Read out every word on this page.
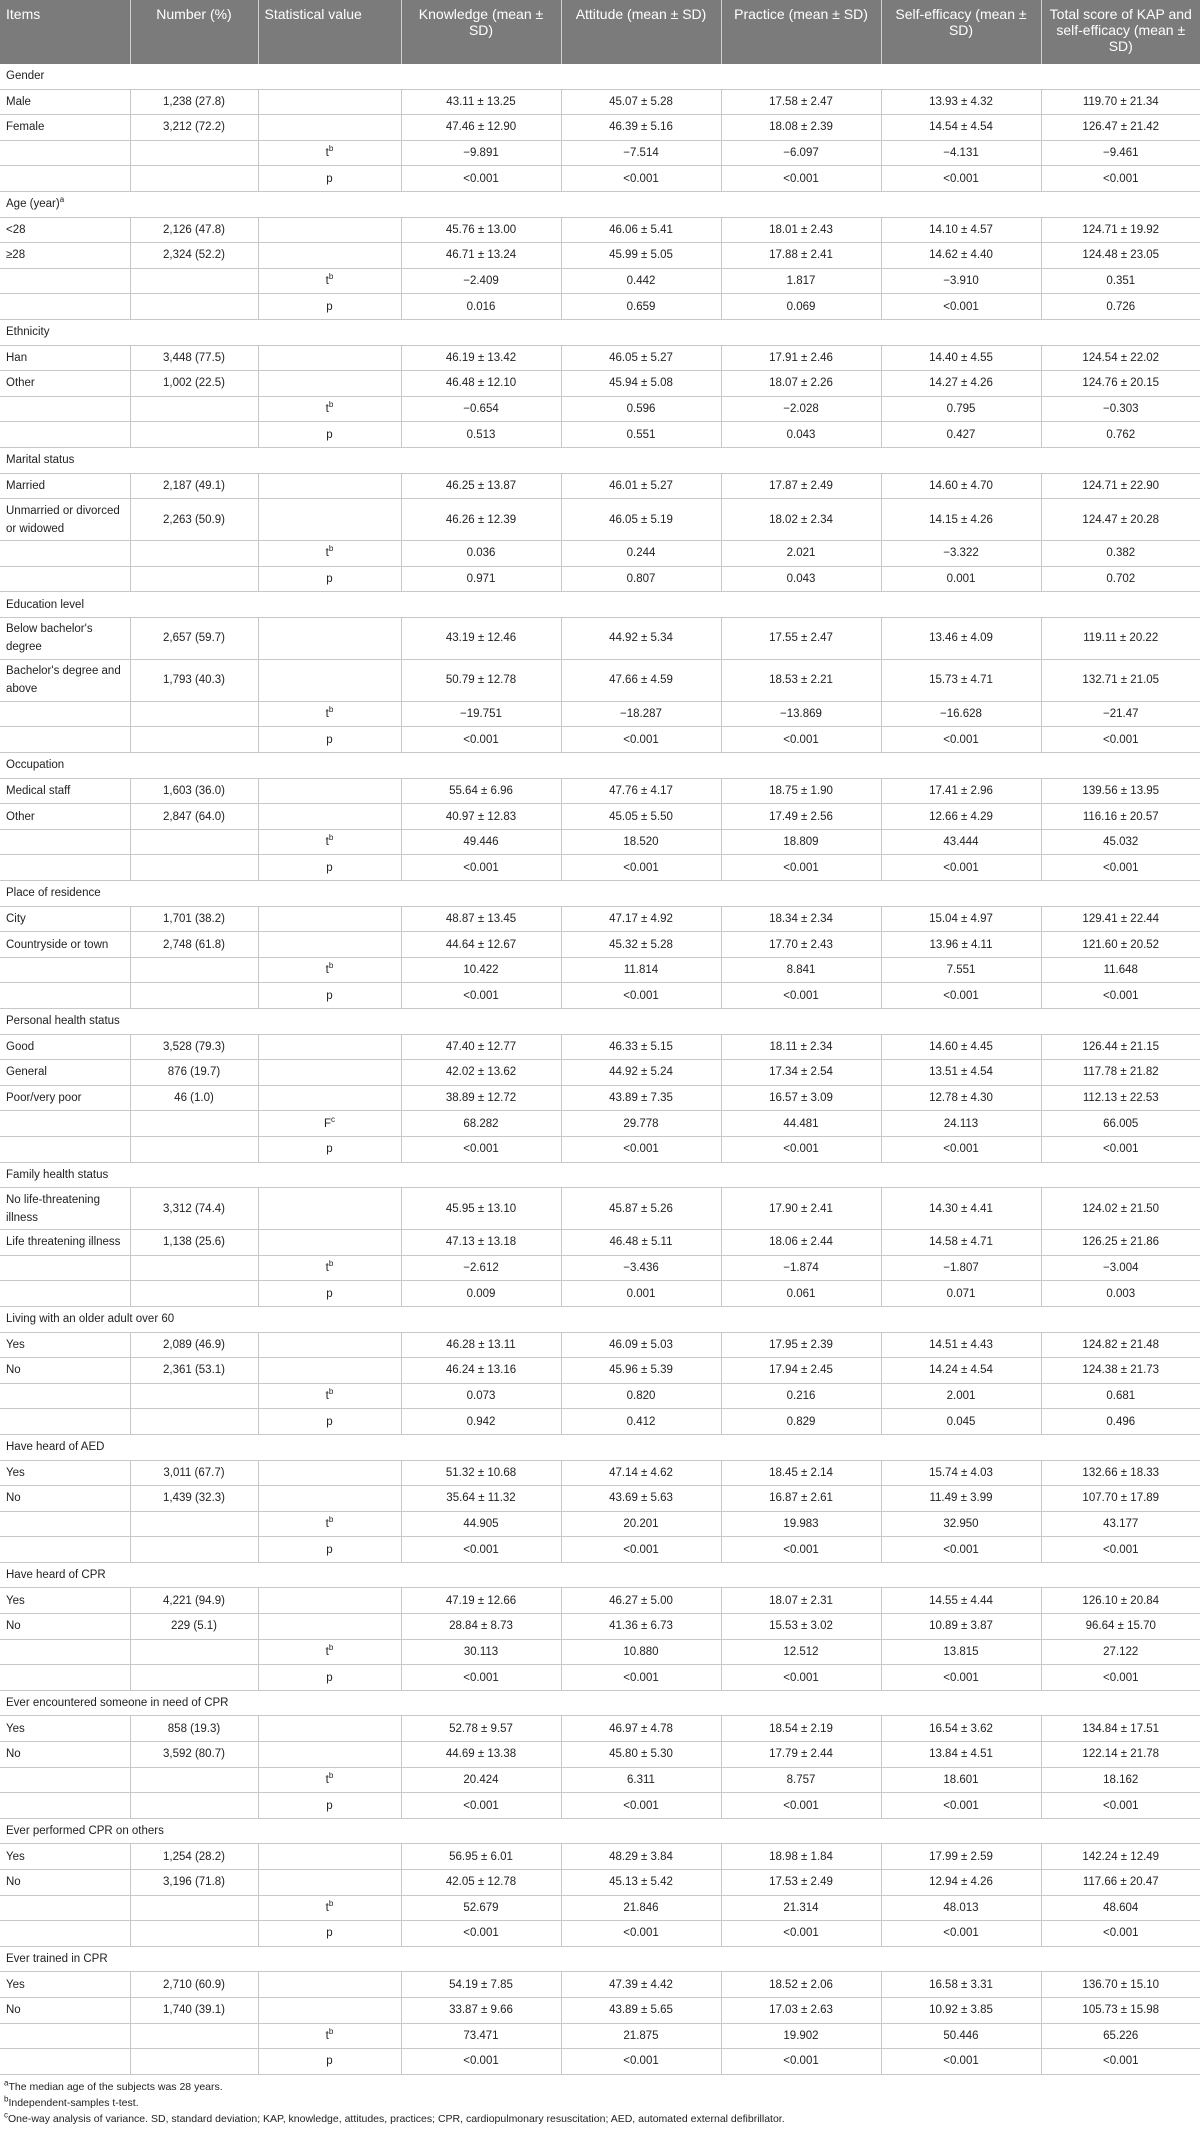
Items	Number (%)	Statistical value	Knowledge (mean ± SD)	Attitude (mean ± SD)	Practice (mean ± SD)	Self-efficacy (mean ± SD)	Total score of KAP and self-efficacy (mean ± SD)
Gender							
Male	1,238 (27.8)		43.11 ± 13.25	45.07 ± 5.28	17.58 ± 2.47	13.93 ± 4.32	119.70 ± 21.34
Female	3,212 (72.2)		47.46 ± 12.90	46.39 ± 5.16	18.08 ± 2.39	14.54 ± 4.54	126.47 ± 21.42
		$t^b$	−9.891	−7.514	−6.097	−4.131	−9.461
		p	<0.001	<0.001	<0.001	<0.001	<0.001
Age (year)$^a$
<28	2,126 (47.8)		45.76 ± 13.00	46.06 ± 5.41	18.01 ± 2.43	14.10 ± 4.57	124.71 ± 19.92
≥28	2,324 (52.2)		46.71 ± 13.24	45.99 ± 5.05	17.88 ± 2.41	14.62 ± 4.40	124.48 ± 23.05
		$t^b$	−2.409	0.442	1.817	−3.910	0.351
		p	0.016	0.659	0.069	<0.001	0.726
Ethnicity							
Han	3,448 (77.5)		46.19 ± 13.42	46.05 ± 5.27	17.91 ± 2.46	14.40 ± 4.55	124.54 ± 22.02
Other	1,002 (22.5)		46.48 ± 12.10	45.94 ± 5.08	18.07 ± 2.26	14.27 ± 4.26	124.76 ± 20.15
		$t^b$	−0.654	0.596	−2.028	0.795	−0.303
		p	0.513	0.551	0.043	0.427	0.762
Marital status							
Married	2,187 (49.1)		46.25 ± 13.87	46.01 ± 5.27	17.87 ± 2.49	14.60 ± 4.70	124.71 ± 22.90
Unmarried or divorced or widowed	2,263 (50.9)		46.26 ± 12.39	46.05 ± 5.19	18.02 ± 2.34	14.15 ± 4.26	124.47 ± 20.28
		$t^b$	0.036	0.244	2.021	−3.322	0.382
		p	0.971	0.807	0.043	0.001	0.702
Education level							
Below bachelor's degree	2,657 (59.7)		43.19 ± 12.46	44.92 ± 5.34	17.55 ± 2.47	13.46 ± 4.09	119.11 ± 20.22
Bachelor's degree and above	1,793 (40.3)		50.79 ± 12.78	47.66 ± 4.59	18.53 ± 2.21	15.73 ± 4.71	132.71 ± 21.05
		$t^b$	−19.751	−18.287	−13.869	−16.628	−21.47
		p	<0.001	<0.001	<0.001	<0.001	<0.001
Occupation							
Medical staff	1,603 (36.0)		55.64 ± 6.96	47.76 ± 4.17	18.75 ± 1.90	17.41 ± 2.96	139.56 ± 13.95
Other	2,847 (64.0)		40.97 ± 12.83	45.05 ± 5.50	17.49 ± 2.56	12.66 ± 4.29	116.16 ± 20.57
		$t^b$	49.446	18.520	18.809	43.444	45.032
		p	<0.001	<0.001	<0.001	<0.001	<0.001
Place of residence							
City	1,701 (38.2)		48.87 ± 13.45	47.17 ± 4.92	18.34 ± 2.34	15.04 ± 4.97	129.41 ± 22.44
Countryside or town	2,748 (61.8)		44.64 ± 12.67	45.32 ± 5.28	17.70 ± 2.43	13.96 ± 4.11	121.60 ± 20.52
		$t^b$	10.422	11.814	8.841	7.551	11.648
		p	<0.001	<0.001	<0.001	<0.001	<0.001
Personal health status							
Good	3,528 (79.3)		47.40 ± 12.77	46.33 ± 5.15	18.11 ± 2.34	14.60 ± 4.45	126.44 ± 21.15
General	876 (19.7)		42.02 ± 13.62	44.92 ± 5.24	17.34 ± 2.54	13.51 ± 4.54	117.78 ± 21.82
Poor/very poor	46 (1.0)		38.89 ± 12.72	43.89 ± 7.35	16.57 ± 3.09	12.78 ± 4.30	112.13 ± 22.53
		$F^c$	68.282	29.778	44.481	24.113	66.005
		p	<0.001	<0.001	<0.001	<0.001	<0.001
Family health status							
No life-threatening illness	3,312 (74.4)		45.95 ± 13.10	45.87 ± 5.26	17.90 ± 2.41	14.30 ± 4.41	124.02 ± 21.50
Life threatening illness	1,138 (25.6)		47.13 ± 13.18	46.48 ± 5.11	18.06 ± 2.44	14.58 ± 4.71	126.25 ± 21.86
		$t^b$	−2.612	−3.436	−1.874	−1.807	−3.004
		p	0.009	0.001	0.061	0.071	0.003
Living with an older adult over 60							
Yes	2,089 (46.9)		46.28 ± 13.11	46.09 ± 5.03	17.95 ± 2.39	14.51 ± 4.43	124.82 ± 21.48
No	2,361 (53.1)		46.24 ± 13.16	45.96 ± 5.39	17.94 ± 2.45	14.24 ± 4.54	124.38 ± 21.73
		$t^b$	0.073	0.820	0.216	2.001	0.681
		p	0.942	0.412	0.829	0.045	0.496
Have heard of AED							
Yes	3,011 (67.7)		51.32 ± 10.68	47.14 ± 4.62	18.45 ± 2.14	15.74 ± 4.03	132.66 ± 18.33
No	1,439 (32.3)		35.64 ± 11.32	43.69 ± 5.63	16.87 ± 2.61	11.49 ± 3.99	107.70 ± 17.89
		$t^b$	44.905	20.201	19.983	32.950	43.177
		p	<0.001	<0.001	<0.001	<0.001	<0.001
Have heard of CPR							
Yes	4,221 (94.9)		47.19 ± 12.66	46.27 ± 5.00	18.07 ± 2.31	14.55 ± 4.44	126.10 ± 20.84
No	229 (5.1)		28.84 ± 8.73	41.36 ± 6.73	15.53 ± 3.02	10.89 ± 3.87	96.64 ± 15.70
		$t^b$	30.113	10.880	12.512	13.815	27.122
		p	<0.001	<0.001	<0.001	<0.001	<0.001
Ever encountered someone in need of CPR							
Yes	858 (19.3)		52.78 ± 9.57	46.97 ± 4.78	18.54 ± 2.19	16.54 ± 3.62	134.84 ± 17.51
No	3,592 (80.7)		44.69 ± 13.38	45.80 ± 5.30	17.79 ± 2.44	13.84 ± 4.51	122.14 ± 21.78
		$t^b$	20.424	6.311	8.757	18.601	18.162
		p	<0.001	<0.001	<0.001	<0.001	<0.001
Ever performed CPR on others							
Yes	1,254 (28.2)		56.95 ± 6.01	48.29 ± 3.84	18.98 ± 1.84	17.99 ± 2.59	142.24 ± 12.49
No	3,196 (71.8)		42.05 ± 12.78	45.13 ± 5.42	17.53 ± 2.49	12.94 ± 4.26	117.66 ± 20.47
		$t^b$	52.679	21.846	21.314	48.013	48.604
		p	<0.001	<0.001	<0.001	<0.001	<0.001
Ever trained in CPR							
Yes	2,710 (60.9)		54.19 ± 7.85	47.39 ± 4.42	18.52 ± 2.06	16.58 ± 3.31	136.70 ± 15.10
No	1,740 (39.1)		33.87 ± 9.66	43.89 ± 5.65	17.03 ± 2.63	10.92 ± 3.85	105.73 ± 15.98
		$t^b$	73.471	21.875	19.902	50.446	65.226
		p	<0.001	<0.001	<0.001	<0.001	<0.001

$^a$The median age of the subjects was 28 years.

$^b$Independent-samples t-test.

$^c$One-way analysis of variance. SD, standard deviation; KAP, knowledge, attitudes, practices; CPR, cardiopulmonary resuscitation; AED, automated external defibrillator.
